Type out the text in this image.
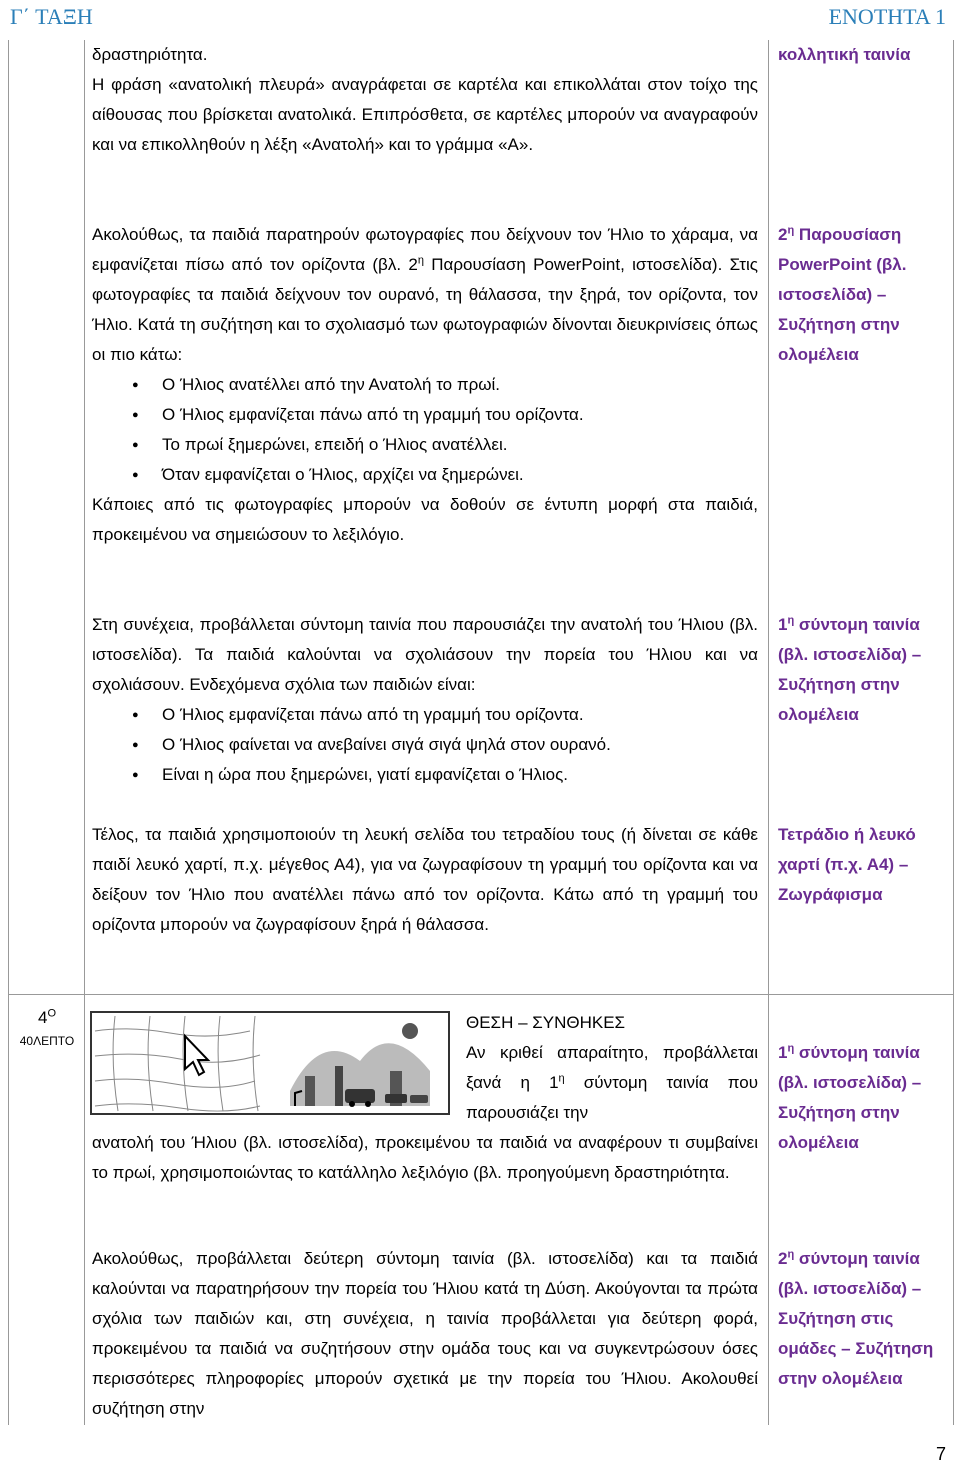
Γ΄ ΤΑΞΗ	ΕΝΟΤΗΤΑ 1

δραστηριότητα.

Η φράση «ανατολική πλευρά» αναγράφεται σε καρτέλα και επικολλάται στον τοίχο της αίθουσας που βρίσκεται ανατολικά. Επιπρόσθετα, σε καρτέλες μπορούν να αναγραφούν και να επικολληθούν η λέξη «Ανατολή» και το γράμμα «Α».

κολλητική ταινία

Ακολούθως, τα παιδιά παρατηρούν φωτογραφίες που δείχνουν τον Ήλιο το χάραμα, να εμφανίζεται πίσω από τον ορίζοντα (βλ. $2^\eta$ Παρουσίαση PowerPoint, ιστοσελίδα). Στις φωτογραφίες τα παιδιά δείχνουν τον ουρανό, τη θάλασσα, την ξηρά, τον ορίζοντα, τον Ήλιο. Κατά τη συζήτηση και το σχολιασμό των φωτογραφιών δίνονται διευκρινίσεις όπως οι πιο κάτω:

● Ο Ήλιος ανατέλλει από την Ανατολή το πρωί.
● Ο Ήλιος εμφανίζεται πάνω από τη γραμμή του ορίζοντα.
● Το πρωί ξημερώνει, επειδή ο Ήλιος ανατέλλει.
● Όταν εμφανίζεται ο Ήλιος, αρχίζει να ξημερώνει.

Κάποιες από τις φωτογραφίες μπορούν να δοθούν σε έντυπη μορφή στα παιδιά, προκειμένου να σημειώσουν το λεξιλόγιο.

$2^\eta$ Παρουσίαση PowerPoint (βλ. ιστοσελίδα) – Συζήτηση στην ολομέλεια

Στη συνέχεια, προβάλλεται σύντομη ταινία που παρουσιάζει την ανατολή του Ήλιου (βλ. ιστοσελίδα). Τα παιδιά καλούνται να σχολιάσουν την πορεία του Ήλιου και να σχολιάσουν. Ενδεχόμενα σχόλια των παιδιών είναι:

● Ο Ήλιος εμφανίζεται πάνω από τη γραμμή του ορίζοντα.
● Ο Ήλιος φαίνεται να ανεβαίνει σιγά σιγά ψηλά στον ουρανό.
● Είναι η ώρα που ξημερώνει, γιατί εμφανίζεται ο Ήλιος.
$1^\eta$ σύντομη ταινία (βλ. ιστοσελίδα) – Συζήτηση στην ολομέλεια

Τέλος, τα παιδιά χρησιμοποιούν τη λευκή σελίδα του τετραδίου τους (ή δίνεται σε κάθε παιδί λευκό χαρτί, π.χ. μέγεθος Α4), για να ζωγραφίσουν τη γραμμή του ορίζοντα και να δείξουν τον Ήλιο που ανατέλλει πάνω από τον ορίζοντα. Κάτω από τη γραμμή του ορίζοντα μπορούν να ζωγραφίσουν ξηρά ή θάλασσα.

Τετράδιο ή λευκό χαρτί (π.χ. Α4) – Ζωγράφισμα
$4^O$
40ΛΕΠΤΟ

ΘΕΣΗ – ΣΥΝΘΗΚΕΣ

Αν κριθεί απαραίτητο, προβάλλεται ξανά η $1^\eta$ σύντομη ταινία που παρουσιάζει την

ανατολή του Ήλιου (βλ. ιστοσελίδα), προκειμένου τα παιδιά να αναφέρουν τι συμβαίνει το πρωί, χρησιμοποιώντας το κατάλληλο λεξιλόγιο (βλ. προηγούμενη δραστηριότητα.

$1^\eta$ σύντομη ταινία (βλ. ιστοσελίδα) – Συζήτηση στην ολομέλεια

Ακολούθως, προβάλλεται δεύτερη σύντομη ταινία (βλ. ιστοσελίδα) και τα παιδιά καλούνται να παρατηρήσουν την πορεία του Ήλιου κατά τη Δύση. Ακούγονται τα πρώτα σχόλια των παιδιών και, στη συνέχεια, η ταινία προβάλλεται για δεύτερη φορά, προκειμένου τα παιδιά να συζητήσουν στην ομάδα τους και να συγκεντρώσουν όσες περισσότερες πληροφορίες μπορούν σχετικά με την πορεία του Ήλιου. Ακολουθεί συζήτηση στην

$2^\eta$ σύντομη ταινία (βλ. ιστοσελίδα) – Συζήτηση στις ομάδες – Συζήτηση στην ολομέλεια
7
